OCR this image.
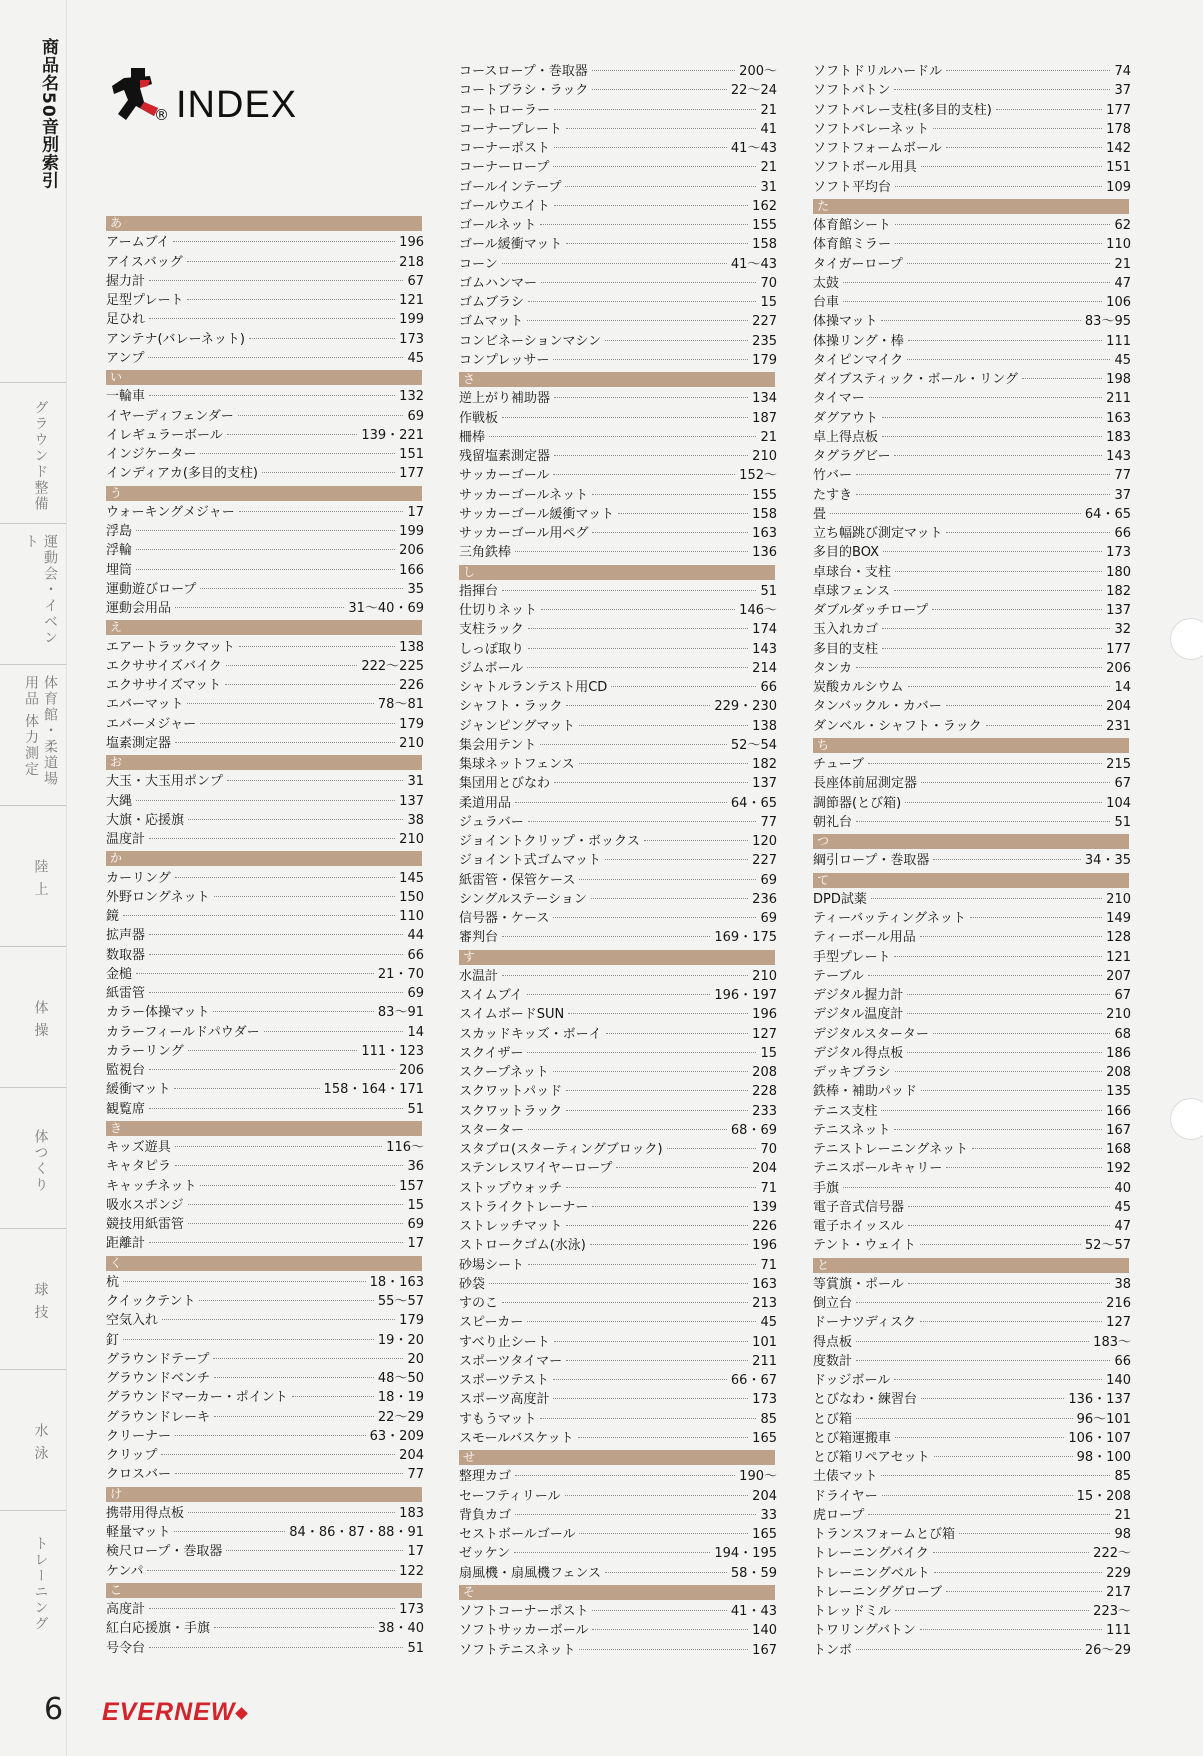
商品名50音別索引
グラウンド整備
運動会・イベント
体育館・柔道場用品 体力測定
陸 上
体 操
体つくり
球 技
水 泳
トレーニング
® INDEX
あ
アームブイ	196
アイスバッグ	218
握力計	67
足型プレート	121
足ひれ	199
アンテナ(バレーネット)	173
アンプ	45
い
一輪車	132
イヤーディフェンダー	69
イレギュラーボール	139・221
インジケーター	151
インディアカ(多目的支柱)	177
う
ウォーキングメジャー	17
浮島	199
浮輪	206
埋筒	166
運動遊びロープ	35
運動会用品	31～40・69
え
エアートラックマット	138
エクササイズバイク	222～225
エクササイズマット	226
エバーマット	78～81
エバーメジャー	179
塩素測定器	210
お
大玉・大玉用ポンプ	31
大縄	137
大旗・応援旗	38
温度計	210
か
カーリング	145
外野ロングネット	150
鏡	110
拡声器	44
数取器	66
金槌	21・70
紙雷管	69
カラー体操マット	83～91
カラーフィールドパウダー	14
カラーリング	111・123
監視台	206
緩衝マット	158・164・171
観覧席	51
き
キッズ遊具	116～
キャタピラ	36
キャッチネット	157
吸水スポンジ	15
競技用紙雷管	69
距離計	17
く
杭	18・163
クイックテント	55～57
空気入れ	179
釘	19・20
グラウンドテープ	20
グラウンドベンチ	48～50
グラウンドマーカー・ポイント	18・19
グラウンドレーキ	22～29
クリーナー	63・209
クリップ	204
クロスバー	77
け
携帯用得点板	183
軽量マット	84・86・87・88・91
検尺ロープ・巻取器	17
ケンパ	122
こ
高度計	173
紅白応援旗・手旗	38・40
号令台	51
コースロープ・巻取器	200～
コートブラシ・ラック	22～24
コートローラー	21
コーナープレート	41
コーナーポスト	41～43
コーナーロープ	21
ゴールインテープ	31
ゴールウエイト	162
ゴールネット	155
ゴール緩衝マット	158
コーン	41～43
ゴムハンマー	70
ゴムブラシ	15
ゴムマット	227
コンビネーションマシン	235
コンプレッサー	179
さ
逆上がり補助器	134
作戦板	187
柵棒	21
残留塩素測定器	210
サッカーゴール	152～
サッカーゴールネット	155
サッカーゴール緩衝マット	158
サッカーゴール用ペグ	163
三角鉄棒	136
し
指揮台	51
仕切りネット	146～
支柱ラック	174
しっぽ取り	143
ジムボール	214
シャトルランテスト用CD	66
シャフト・ラック	229・230
ジャンピングマット	138
集会用テント	52～54
集球ネットフェンス	182
集団用とびなわ	137
柔道用品	64・65
ジュラバー	77
ジョイントクリップ・ボックス	120
ジョイント式ゴムマット	227
紙雷管・保管ケース	69
シングルステーション	236
信号器・ケース	69
審判台	169・175
す
水温計	210
スイムブイ	196・197
スイムボードSUN	196
スカッドキッズ・ボーイ	127
スクイザー	15
スクープネット	208
スクワットパッド	228
スクワットラック	233
スターター	68・69
スタブロ(スターティングブロック)	70
ステンレスワイヤーロープ	204
ストップウォッチ	71
ストライクトレーナー	139
ストレッチマット	226
ストロークゴム(水泳)	196
砂場シート	71
砂袋	163
すのこ	213
スピーカー	45
すべり止シート	101
スポーツタイマー	211
スポーツテスト	66・67
スポーツ高度計	173
すもうマット	85
スモールバスケット	165
せ
整理カゴ	190～
セーフティリール	204
背負カゴ	33
セストボールゴール	165
ゼッケン	194・195
扇風機・扇風機フェンス	58・59
そ
ソフトコーナーポスト	41・43
ソフトサッカーボール	140
ソフトテニスネット	167
ソフトドリルハードル	74
ソフトバトン	37
ソフトバレー支柱(多目的支柱)	177
ソフトバレーネット	178
ソフトフォームボール	142
ソフトボール用具	151
ソフト平均台	109
た
体育館シート	62
体育館ミラー	110
タイガーロープ	21
太鼓	47
台車	106
体操マット	83～95
体操リング・棒	111
タイピンマイク	45
ダイブスティック・ボール・リング	198
タイマー	211
ダグアウト	163
卓上得点板	183
タグラグビー	143
竹バー	77
たすき	37
畳	64・65
立ち幅跳び測定マット	66
多目的BOX	173
卓球台・支柱	180
卓球フェンス	182
ダブルダッチロープ	137
玉入れカゴ	32
多目的支柱	177
タンカ	206
炭酸カルシウム	14
タンバックル・カバー	204
ダンベル・シャフト・ラック	231
ち
チューブ	215
長座体前屈測定器	67
調節器(とび箱)	104
朝礼台	51
つ
綱引ロープ・巻取器	34・35
て
DPD試薬	210
ティーバッティングネット	149
ティーボール用品	128
手型プレート	121
テーブル	207
デジタル握力計	67
デジタル温度計	210
デジタルスターター	68
デジタル得点板	186
デッキブラシ	208
鉄棒・補助パッド	135
テニス支柱	166
テニスネット	167
テニストレーニングネット	168
テニスボールキャリー	192
手旗	40
電子音式信号器	45
電子ホイッスル	47
テント・ウェイト	52～57
と
等賞旗・ポール	38
倒立台	216
ドーナツディスク	127
得点板	183～
度数計	66
ドッジボール	140
とびなわ・練習台	136・137
とび箱	96～101
とび箱運搬車	106・107
とび箱リペアセット	98・100
土俵マット	85
ドライヤー	15・208
虎ロープ	21
トランスフォームとび箱	98
トレーニングバイク	222～
トレーニングベルト	229
トレーニンググローブ	217
トレッドミル	223～
トワリングバトン	111
トンボ	26～29
6 EVERNEW
